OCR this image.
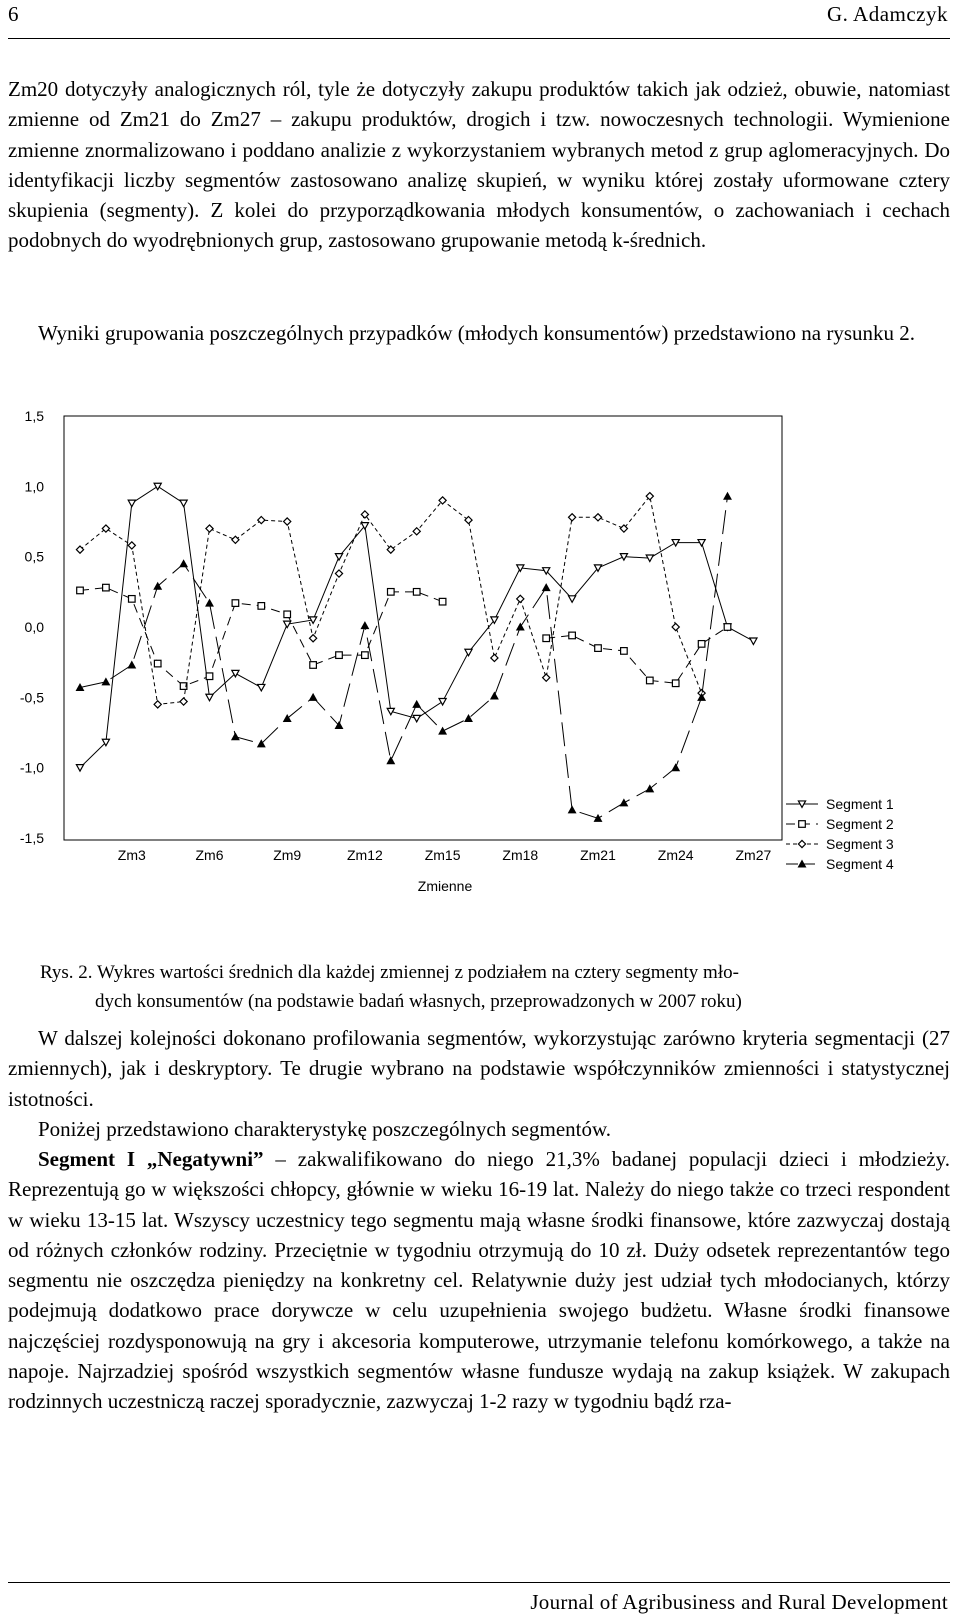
6	G. Adamczyk

Zm20 dotyczyły analogicznych ról, tyle że dotyczyły zakupu produktów takich jak odzież, obuwie, natomiast zmienne od Zm21 do Zm27 – zakupu produktów, drogich i tzw. nowoczesnych technologii. Wymienione zmienne znormalizowano i poddano analizie z wykorzystaniem wybranych metod z grup aglomeracyjnych. Do identyfikacji liczby segmentów zastosowano analizę skupień, w wyniku której zostały uformowane cztery skupienia (segmenty). Z kolei do przyporządkowania młodych konsumentów, o zachowaniach i cechach podobnych do wyodrębnionych grup, zastosowano grupowanie metodą k-średnich.

Wyniki grupowania poszczególnych przypadków (młodych konsumentów) przedstawiono na rysunku 2.

1,5
1,0
0,5
0,0
-0,5
-1,0
-1,5
Zm3	Zm6	Zm9	Zm12	Zm15	Zm18	Zm21	Zm24	Zm27
Zmienne
Segment 1
Segment 2
Segment 3
Segment 4

Rys. 2. Wykres wartości średnich dla każdej zmiennej z podziałem na cztery segmenty mło-
dych konsumentów (na podstawie badań własnych, przeprowadzonych w 2007 roku)

W dalszej kolejności dokonano profilowania segmentów, wykorzystując zarówno kryteria segmentacji (27 zmiennych), jak i deskryptory. Te drugie wybrano na podstawie współczynników zmienności i statystycznej istotności.

Poniżej przedstawiono charakterystykę poszczególnych segmentów.

Segment I „Negatywni” – zakwalifikowano do niego 21,3% badanej populacji dzieci i młodzieży. Reprezentują go w większości chłopcy, głównie w wieku 16-19 lat. Należy do niego także co trzeci respondent w wieku 13-15 lat. Wszyscy uczestnicy tego segmentu mają własne środki finansowe, które zazwyczaj dostają od różnych członków rodziny. Przeciętnie w tygodniu otrzymują do 10 zł. Duży odsetek reprezentantów tego segmentu nie oszczędza pieniędzy na konkretny cel. Relatywnie duży jest udział tych młodocianych, którzy podejmują dodatkowo prace dorywcze w celu uzupełnienia swojego budżetu. Własne środki finansowe najczęściej rozdysponowują na gry i akcesoria komputerowe, utrzymanie telefonu komórkowego, a także na napoje. Najrzadziej spośród wszystkich segmentów własne fundusze wydają na zakup książek. W zakupach rodzinnych uczestniczą raczej sporadycznie, zazwyczaj 1-2 razy w tygodniu bądź rza-

Journal of Agribusiness and Rural Development
